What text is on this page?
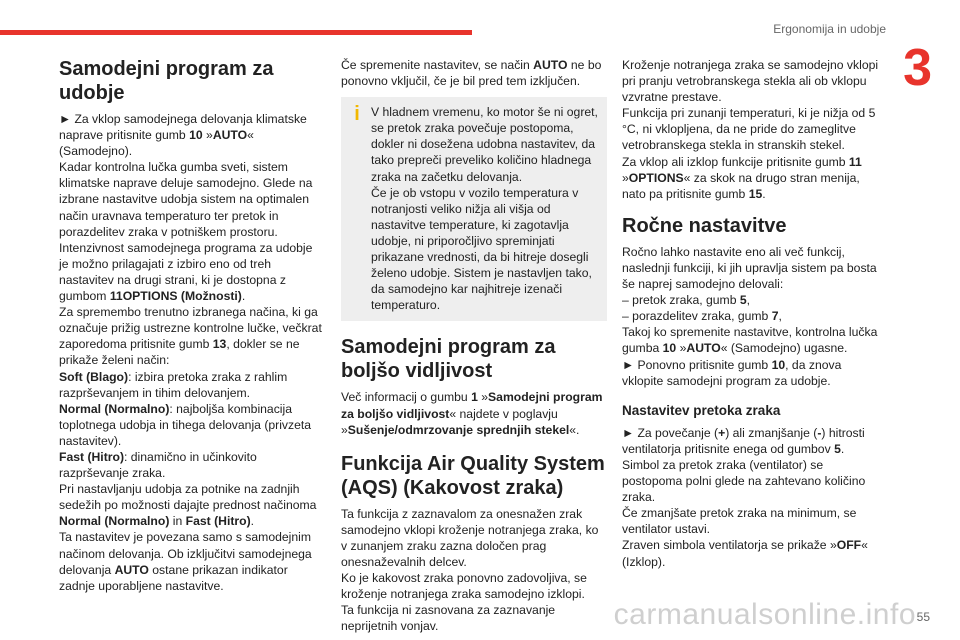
Ergonomija in udobje
3
Samodejni program za udobje

► Za vklop samodejnega delovanja klimatske naprave pritisnite gumb 10 »AUTO« (Samodejno).

Kadar kontrolna lučka gumba sveti, sistem klimatske naprave deluje samodejno. Glede na izbrane nastavitve udobja sistem na optimalen način uravnava temperaturo ter pretok in porazdelitev zraka v potniškem prostoru.

Intenzivnost samodejnega programa za udobje je možno prilagajati z izbiro eno od treh nastavitev na drugi strani, ki je dostopna z gumbom 11OPTIONS (Možnosti).

Za spremembo trenutno izbranega načina, ki ga označuje prižig ustrezne kontrolne lučke, večkrat zaporedoma pritisnite gumb 13, dokler se ne prikaže želeni način:

Soft (Blago): izbira pretoka zraka z rahlim razprševanjem in tihim delovanjem.

Normal (Normalno): najboljša kombinacija toplotnega udobja in tihega delovanja (privzeta nastavitev).

Fast (Hitro): dinamično in učinkovito razprševanje zraka.

Pri nastavljanju udobja za potnike na zadnjih sedežih po možnosti dajajte prednost načinoma Normal (Normalno) in Fast (Hitro).

Ta nastavitev je povezana samo s samodejnim načinom delovanja. Ob izključitvi samodejnega delovanja AUTO ostane prikazan indikator zadnje uporabljene nastavitve.

Če spremenite nastavitev, se način AUTO ne bo ponovno vključil, če je bil pred tem izključen.

i V hladnem vremenu, ko motor še ni ogret, se pretok zraka povečuje postopoma, dokler ni dosežena udobna nastavitev, da tako prepreči preveliko količino hladnega zraka na začetku delovanja.

Če je ob vstopu v vozilo temperatura v notranjosti veliko nižja ali višja od nastavitve temperature, ki zagotavlja udobje, ni priporočljivo spreminjati prikazane vrednosti, da bi hitreje dosegli želeno udobje. Sistem je nastavljen tako, da samodejno kar najhitreje izenači temperaturo.

Samodejni program za boljšo vidljivost

Več informacij o gumbu 1 »Samodejni program za boljšo vidljivost« najdete v poglavju »Sušenje/odmrzovanje sprednjih stekel«.

Funkcija Air Quality System (AQS) (Kakovost zraka)

Ta funkcija z zaznavalom za onesnažen zrak samodejno vklopi kroženje notranjega zraka, ko v zunanjem zraku zazna določen prag onesnaževalnih delcev.

Ko je kakovost zraka ponovno zadovoljiva, se kroženje notranjega zraka samodejno izklopi.

Ta funkcija ni zasnovana za zaznavanje neprijetnih vonjav.

Kroženje notranjega zraka se samodejno vklopi pri pranju vetrobranskega stekla ali ob vklopu vzvratne prestave.

Funkcija pri zunanji temperaturi, ki je nižja od 5 °C, ni vklopljena, da ne pride do zameglitve vetrobranskega stekla in stranskih stekel.

Za vklop ali izklop funkcije pritisnite gumb 11 »OPTIONS« za skok na drugo stran menija, nato pa pritisnite gumb 15.

Ročne nastavitve

Ročno lahko nastavite eno ali več funkcij, naslednji funkciji, ki jih upravlja sistem pa bosta še naprej samodejno delovali:

– pretok zraka, gumb 5,

– porazdelitev zraka, gumb 7,

Takoj ko spremenite nastavitve, kontrolna lučka gumba 10 »AUTO« (Samodejno) ugasne.

► Ponovno pritisnite gumb 10, da znova vklopite samodejni program za udobje.

Nastavitev pretoka zraka

► Za povečanje (+) ali zmanjšanje (-) hitrosti ventilatorja pritisnite enega od gumbov 5.

Simbol za pretok zraka (ventilator) se postopoma polni glede na zahtevano količino zraka.

Če zmanjšate pretok zraka na minimum, se ventilator ustavi.

Zraven simbola ventilatorja se prikaže »OFF« (Izklop).

carmanualsonline.info 55
